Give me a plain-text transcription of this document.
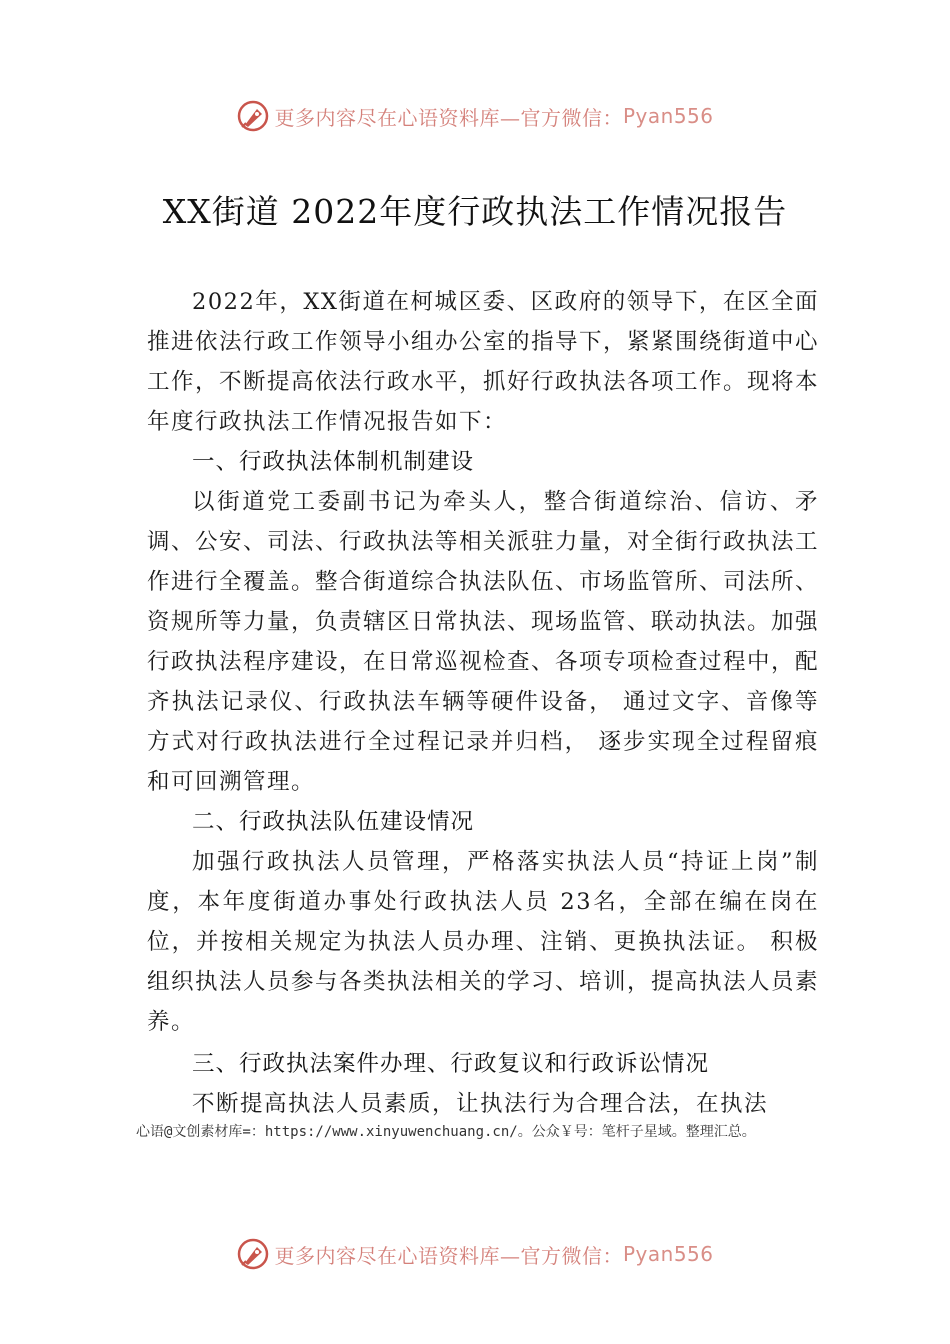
更多内容尽在心语资料库—官方微信： Pyan556
XX街道 2022年度行政执法工作情况报告

2022年，XX街道在柯城区委、区政府的领导下，在区全面推进依法行政工作领导小组办公室的指导下，紧紧围绕街道中心工作，不断提高依法行政水平，抓好行政执法各项工作。现将本年度行政执法工作情况报告如下：

一、行政执法体制机制建设

以街道党工委副书记为牵头人，整合街道综治、信访、矛调、公安、司法、行政执法等相关派驻力量，对全街行政执法工作进行全覆盖。整合街道综合执法队伍、市场监管所、司法所、资规所等力量，负责辖区日常执法、现场监管、联动执法。加强行政执法程序建设，在日常巡视检查、各项专项检查过程中，配齐执法记录仪、行政执法车辆等硬件设备， 通过文字、音像等方式对行政执法进行全过程记录并归档， 逐步实现全过程留痕和可回溯管理。

二、行政执法队伍建设情况

加强行政执法人员管理，严格落实执法人员“持证上岗”制度，本年度街道办事处行政执法人员 23名，全部在编在岗在位，并按相关规定为执法人员办理、注销、更换执法证。 积极组织执法人员参与各类执法相关的学习、培训，提高执法人员素养。

三、行政执法案件办理、行政复议和行政诉讼情况

不断提高执法人员素质，让执法行为合理合法，在执法

心语@文创素材库=：https://www.xinyuwenchuang.cn/。公众￥号：笔杆子星域。整理汇总。
更多内容尽在心语资料库—官方微信： Pyan556
